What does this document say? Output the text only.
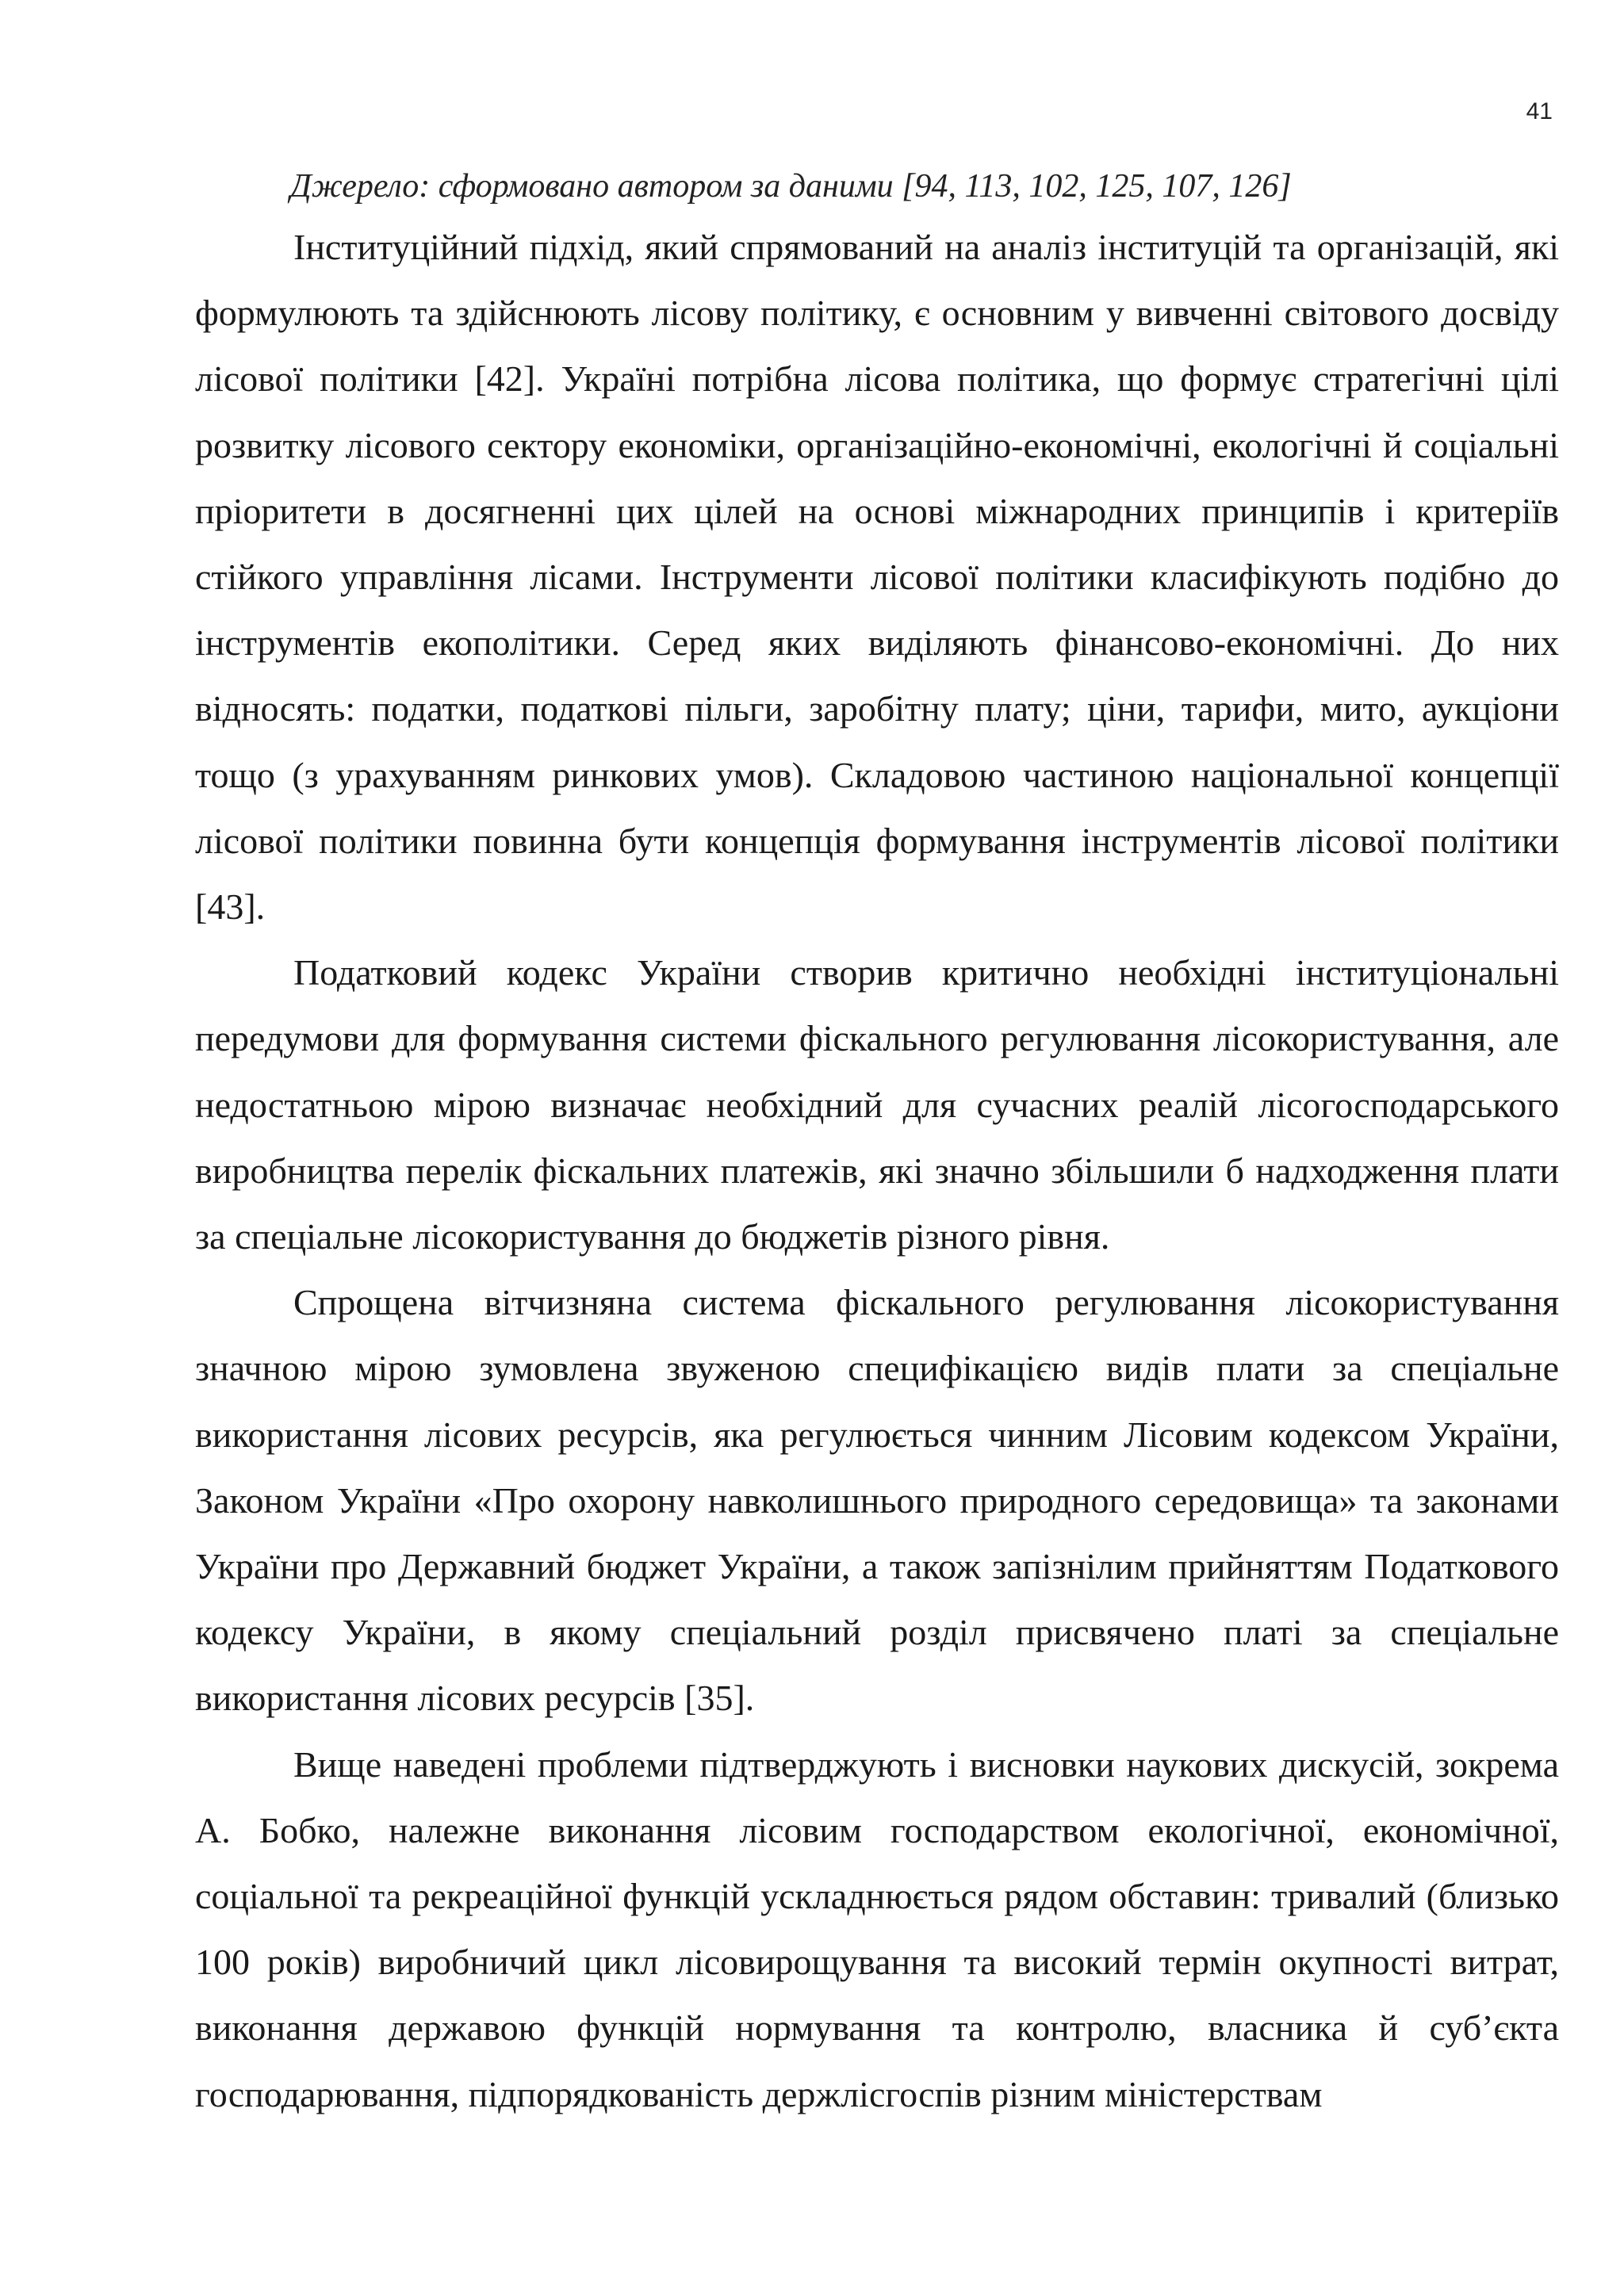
41

Джерело: сформовано автором за даними [94, 113, 102, 125, 107, 126]

Інституційний підхід, який спрямований на аналіз інституцій та організацій, які формулюють та здійснюють лісову політику, є основним у вивченні світового досвіду лісової політики [42]. Україні потрібна лісова політика, що формує стратегічні цілі розвитку лісового сектору економіки, організаційно-економічні, екологічні й соціальні пріоритети в досягненні цих цілей на основі міжнародних принципів і критеріїв стійкого управління лісами. Інструменти лісової політики класифікують подібно до інструментів екополітики. Серед яких виділяють фінансово-економічні. До них відносять: податки, податкові пільги, заробітну плату; ціни, тарифи, мито, аукціони тощо (з урахуванням ринкових умов). Складовою частиною національної концепції лісової політики повинна бути концепція формування інструментів лісової політики [43].

Податковий кодекс України створив критично необхідні інституціональні передумови для формування системи фіскального регулювання лісокористування, але недостатньою мірою визначає необхідний для сучасних реалій лісогосподарського виробництва перелік фіскальних платежів, які значно збільшили б надходження плати за спеціальне лісокористування до бюджетів різного рівня.

Спрощена вітчизняна система фіскального регулювання лісокористування значною мірою зумовлена звуженою специфікацією видів плати за спеціальне використання лісових ресурсів, яка регулюється чинним Лісовим кодексом України, Законом України «Про охорону навколишнього природного середовища» та законами України про Державний бюджет України, а також запізнілим прийняттям Податкового кодексу України, в якому спеціальний розділ присвячено платі за спеціальне використання лісових ресурсів [35].

Вище наведені проблеми підтверджують і висновки наукових дискусій, зокрема А. Бобко, належне виконання лісовим господарством екологічної, економічної, соціальної та рекреаційної функцій ускладнюється рядом обставин: тривалий (близько 100 років) виробничий цикл лісовирощування та високий термін окупності витрат, виконання державою функцій нормування та контролю, власника й суб’єкта господарювання, підпорядкованість держлісгоспів різним міністерствам
